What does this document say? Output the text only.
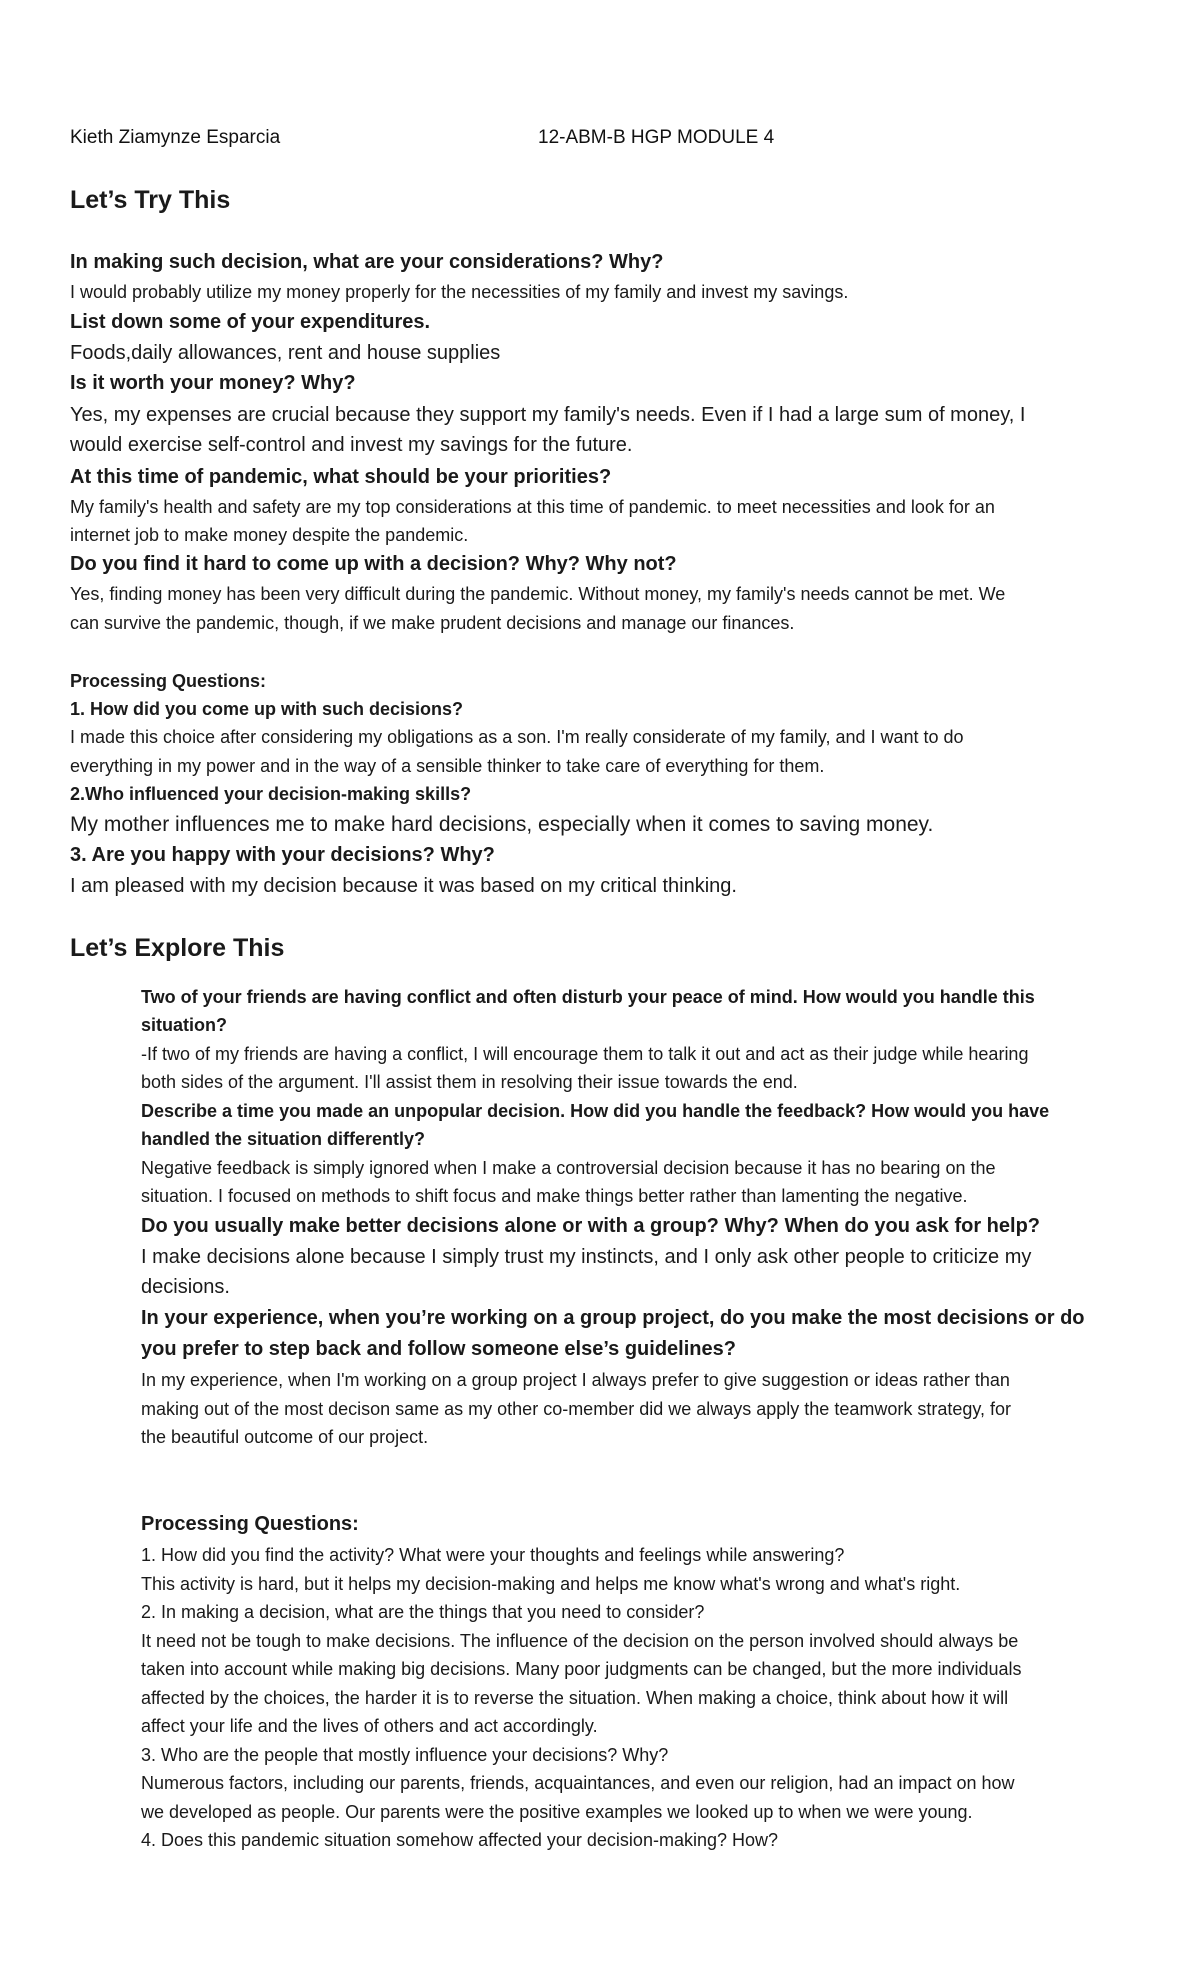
Kieth Ziamynze Esparcia	12-ABM-B HGP MODULE 4
Let’s Try This
In making such decision, what are your considerations? Why?
I would probably utilize my money properly for the necessities of my family and invest my savings.
List down some of your expenditures.
Foods,daily allowances, rent and house supplies
Is it worth your money? Why?
Yes, my expenses are crucial because they support my family's needs. Even if I had a large sum of money, I
would exercise self-control and invest my savings for the future.
At this time of pandemic, what should be your priorities?
My family's health and safety are my top considerations at this time of pandemic. to meet necessities and look for an
internet job to make money despite the pandemic.
Do you find it hard to come up with a decision? Why? Why not?
Yes, finding money has been very difficult during the pandemic. Without money, my family's needs cannot be met. We
can survive the pandemic, though, if we make prudent decisions and manage our finances.
Processing Questions:
1. How did you come up with such decisions?
I made this choice after considering my obligations as a son. I'm really considerate of my family, and I want to do
everything in my power and in the way of a sensible thinker to take care of everything for them.
2.Who influenced your decision-making skills?
My mother influences me to make hard decisions, especially when it comes to saving money.
3. Are you happy with your decisions? Why?
I am pleased with my decision because it was based on my critical thinking.
Let’s Explore This
Two of your friends are having conflict and often disturb your peace of mind. How would you handle this
situation?
-If two of my friends are having a conflict, I will encourage them to talk it out and act as their judge while hearing
both sides of the argument. I'll assist them in resolving their issue towards the end.
Describe a time you made an unpopular decision. How did you handle the feedback? How would you have
handled the situation differently?
Negative feedback is simply ignored when I make a controversial decision because it has no bearing on the
situation. I focused on methods to shift focus and make things better rather than lamenting the negative.
Do you usually make better decisions alone or with a group? Why? When do you ask for help?
I make decisions alone because I simply trust my instincts, and I only ask other people to criticize my
decisions.
In your experience, when you’re working on a group project, do you make the most decisions or do
you prefer to step back and follow someone else’s guidelines?
In my experience, when I'm working on a group project I always prefer to give suggestion or ideas rather than
making out of the most decison same as my other co-member did we always apply the teamwork strategy, for
the beautiful outcome of our project.
Processing Questions:
1. How did you find the activity? What were your thoughts and feelings while answering?
This activity is hard, but it helps my decision-making and helps me know what's wrong and what's right.
2. In making a decision, what are the things that you need to consider?
It need not be tough to make decisions. The influence of the decision on the person involved should always be
taken into account while making big decisions. Many poor judgments can be changed, but the more individuals
affected by the choices, the harder it is to reverse the situation. When making a choice, think about how it will
affect your life and the lives of others and act accordingly.
3. Who are the people that mostly influence your decisions? Why?
Numerous factors, including our parents, friends, acquaintances, and even our religion, had an impact on how
we developed as people. Our parents were the positive examples we looked up to when we were young.
4. Does this pandemic situation somehow affected your decision-making? How?
